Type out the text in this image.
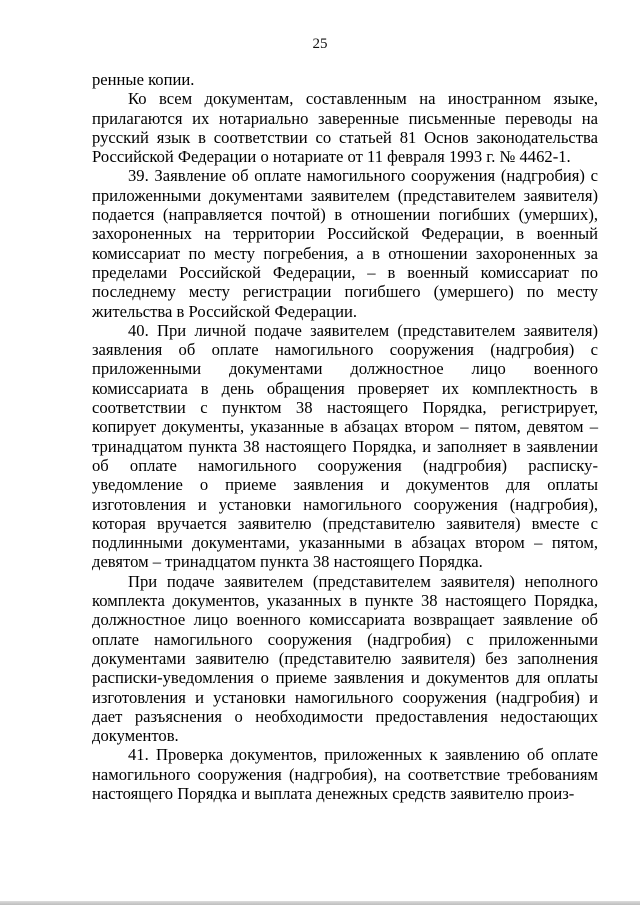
25

ренные копии.

Ко всем документам, составленным на иностранном языке, прилагаются их нотариально заверенные письменные переводы на русский язык в соответствии со статьей 81 Основ законодательства Российской Федерации о нотариате от 11 февраля 1993 г. № 4462-1.

39. Заявление об оплате намогильного сооружения (надгробия) с приложенными документами заявителем (представителем заявителя) подается (направляется почтой) в отношении погибших (умерших), захороненных на территории Российской Федерации, в военный комиссариат по месту погребения, а в отношении захороненных за пределами Российской Федерации, – в военный комиссариат по последнему месту регистрации погибшего (умершего) по месту жительства в Российской Федерации.

40. При личной подаче заявителем (представителем заявителя) заявления об оплате намогильного сооружения (надгробия) с приложенными документами должностное лицо военного комиссариата в день обращения проверяет их комплектность в соответствии с пунктом 38 настоящего Порядка, регистрирует, копирует документы, указанные в абзацах втором – пятом, девятом – тринадцатом пункта 38 настоящего Порядка, и заполняет в заявлении об оплате намогильного сооружения (надгробия) расписку-уведомление о приеме заявления и документов для оплаты изготовления и установки намогильного сооружения (надгробия), которая вручается заявителю (представителю заявителя) вместе с подлинными документами, указанными в абзацах втором – пятом, девятом – тринадцатом пункта 38 настоящего Порядка.

При подаче заявителем (представителем заявителя) неполного комплекта документов, указанных в пункте 38 настоящего Порядка, должностное лицо военного комиссариата возвращает заявление об оплате намогильного сооружения (надгробия) с приложенными документами заявителю (представителю заявителя) без заполнения расписки-уведомления о приеме заявления и документов для оплаты изготовления и установки намогильного сооружения (надгробия) и дает разъяснения о необходимости предоставления недостающих документов.

41. Проверка документов, приложенных к заявлению об оплате намогильного сооружения (надгробия), на соответствие требованиям настоящего Порядка и выплата денежных средств заявителю произ-
